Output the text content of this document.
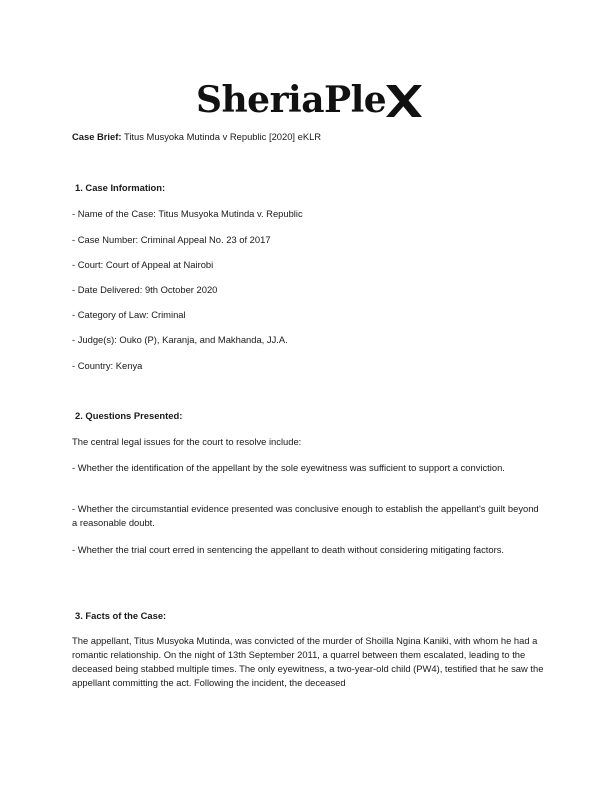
SheriaPle
Case Brief: Titus Musyoka Mutinda v Republic [2020] eKLR
1. Case Information:
- Name of the Case: Titus Musyoka Mutinda v. Republic
- Case Number: Criminal Appeal No. 23 of 2017
- Court: Court of Appeal at Nairobi
- Date Delivered: 9th October 2020
- Category of Law: Criminal
- Judge(s): Ouko (P), Karanja, and Makhanda, JJ.A.
- Country: Kenya
2. Questions Presented:
The central legal issues for the court to resolve include:
- Whether the identification of the appellant by the sole eyewitness was sufficient to support a conviction.
- Whether the circumstantial evidence presented was conclusive enough to establish the appellant's guilt beyond a reasonable doubt.
- Whether the trial court erred in sentencing the appellant to death without considering mitigating factors.
3. Facts of the Case:
The appellant, Titus Musyoka Mutinda, was convicted of the murder of Shoilla Ngina Kaniki, with whom he had a romantic relationship. On the night of 13th September 2011, a quarrel between them escalated, leading to the deceased being stabbed multiple times. The only eyewitness, a two-year-old child (PW4), testified that he saw the appellant committing the act. Following the incident, the deceased
